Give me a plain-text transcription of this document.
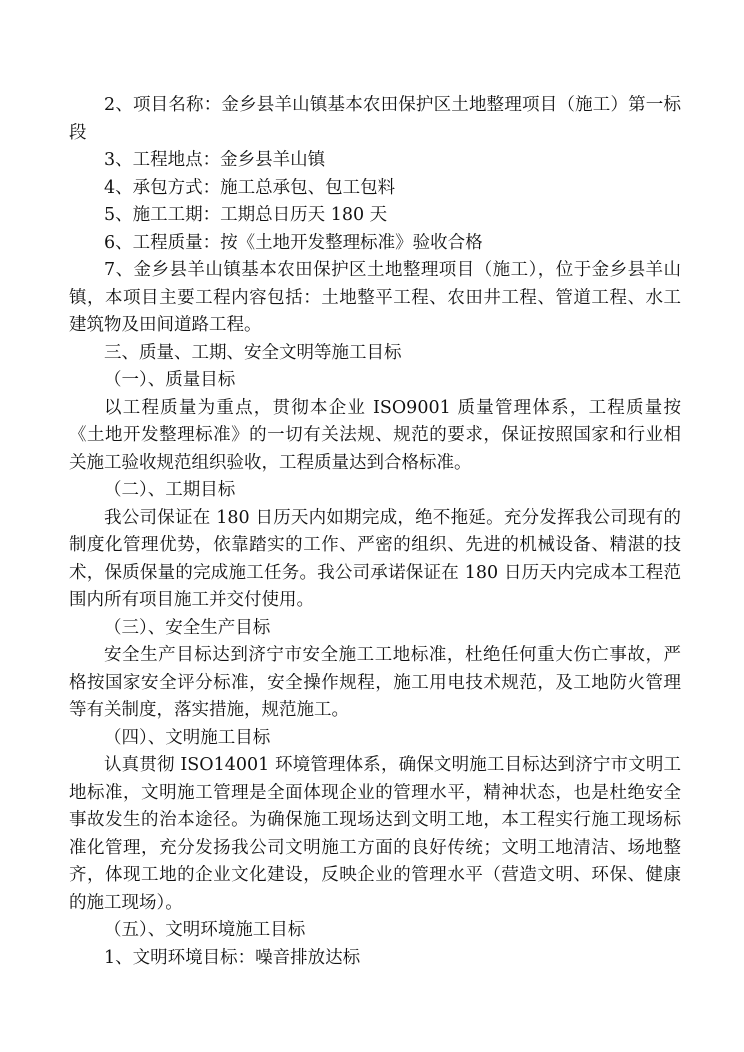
2、项目名称：金乡县羊山镇基本农田保护区土地整理项目（施工）第一标段

3、工程地点：金乡县羊山镇

4、承包方式：施工总承包、包工包料

5、施工工期：工期总日历天 180 天

6、工程质量：按《土地开发整理标准》验收合格

7、金乡县羊山镇基本农田保护区土地整理项目（施工），位于金乡县羊山镇，本项目主要工程内容包括：土地整平工程、农田井工程、管道工程、水工建筑物及田间道路工程。

三、质量、工期、安全文明等施工目标

（一）、质量目标

以工程质量为重点，贯彻本企业 ISO9001 质量管理体系，工程质量按《土地开发整理标准》的一切有关法规、规范的要求，保证按照国家和行业相关施工验收规范组织验收，工程质量达到合格标准。

（二）、工期目标

我公司保证在 180 日历天内如期完成，绝不拖延。充分发挥我公司现有的制度化管理优势，依靠踏实的工作、严密的组织、先进的机械设备、精湛的技术，保质保量的完成施工任务。我公司承诺保证在 180 日历天内完成本工程范围内所有项目施工并交付使用。

（三）、安全生产目标

安全生产目标达到济宁市安全施工工地标准，杜绝任何重大伤亡事故，严格按国家安全评分标准，安全操作规程，施工用电技术规范，及工地防火管理等有关制度，落实措施，规范施工。

（四）、文明施工目标

认真贯彻 ISO14001 环境管理体系，确保文明施工目标达到济宁市文明工地标准，文明施工管理是全面体现企业的管理水平，精神状态，也是杜绝安全事故发生的治本途径。为确保施工现场达到文明工地，本工程实行施工现场标准化管理，充分发扬我公司文明施工方面的良好传统；文明工地清洁、场地整齐，体现工地的企业文化建设，反映企业的管理水平（营造文明、环保、健康的施工现场）。

（五）、文明环境施工目标

1、文明环境目标：噪音排放达标
